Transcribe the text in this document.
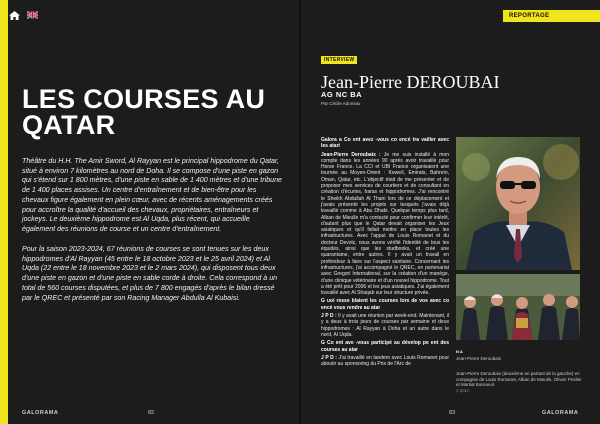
LES COURSES AU QATAR

Théâtre du H.H. The Amir Sword, Al Rayyan est le principal hippodrome du Qatar, situé à environ 7 kilomètres au nord de Doha. Il se compose d'une piste en gazon qui s'étend sur 1 800 mètres, d'une piste en sable de 1 400 mètres et d'une tribune de 1 400 places assises. Un centre d'entraînement et de bien-être pour les chevaux figure également en plein cœur, avec de récents aménagements créés pour accroître la qualité d'accueil des chevaux, propriétaires, entraîneurs et jockeys. Le deuxième hippodrome est Al Uqda, plus récent, qui accueille également des réunions de course et un centre d'entraînement.

Pour la saison 2023-2024, 67 réunions de courses se sont tenues sur les deux hippodromes d'Al Rayyan (45 entre le 18 octobre 2023 et le 25 avril 2024) et Al Uqda (22 entre le 18 novembre 2023 et le 2 mars 2024), qui disposent tous deux d'une piste en gazon et d'une piste en sable corde à droite. Cela correspond à un total de 560 courses disputées, et plus de 7 800 engagés d'après le bilan dressé par le QREC et présenté par son Racing Manager Abdulla Al Kubaisi.

GALORAMA	82
REPORTAGE
INTERVIEW
Jean-Pierre DEROUBAI
AG NC BA
Par Cécile Adomiax

Galora a Co ent avez -vous co encé tra vailler avec les atari

Jean-Pierre Deroubaix : Je me suis installé à mon compte dans les années 90 après avoir travaillé pour Horse France. La CCI et UBI France organisaient une tournée au Moyen-Orient : Koweït, Emirats, Bahreïn, Oman, Qatar, etc. L'objectif était de me présenter et de proposer mes services de courtiers et de consultant en création d'écuries, haras et hippodromes. J'ai rencontré le Sheikh Abdullah Al Thani lors de ce déplacement et j'avais présenté les projets sur lesquels j'avais déjà travaillé comme à Abu Dhabi. Quelque temps plus tard, Alban de Mieulle m'a contacté pour confirmer leur intérêt, d'autant plus que le Qatar devait organiser les Jeux asiatiques et qu'il fallait mettre en place toutes les infrastructures. Avec l'appui de Louis Romanet et du docteur Devolz, nous avons vérifié l'identité de tous les équidés, ainsi que les studbooks, et créé une quarantaine, entre autres. Il y avait un travail en profondeur à faire sur l'aspect sanitaire. Concernant les infrastructures, j'ai accompagné le QREC, en partenariat avec Gregori International, sur la création d'un manège, d'une clinique vétérinaire et d'un nouvel hippodrome. Tout a été prêt pour 2006 et les jeux asiatiques. J'ai également travaillé avec Al Shaqab sur leur structure privée.

G uoi resse blaient les courses lors de vos avec co encé vous rendre au atar

J P D : Il y avait une réunion par week-end. Maintenant, il y a deux à trois jours de courses par semaine et deux hippodromes : Al Rayyan à Doha et un autre dans le nord, Al Uqda.

G Co ent ave -vous participé au dévelop pe ent des courses au atar

J P D : J'ai travaillé en tandem avec Louis Romanet pour aboutir au sponsoring du Prix de l'Arc de

N A
Jean-Pierre Deroubaix
Jean-Pierre Deroubaix (deuxième en partant de la gauche) en compagnie de Louis Romanet, Alban de Mieulle, Olivier Peslier et Martial Boisseuil.
© QREC
83	GALORAMA
